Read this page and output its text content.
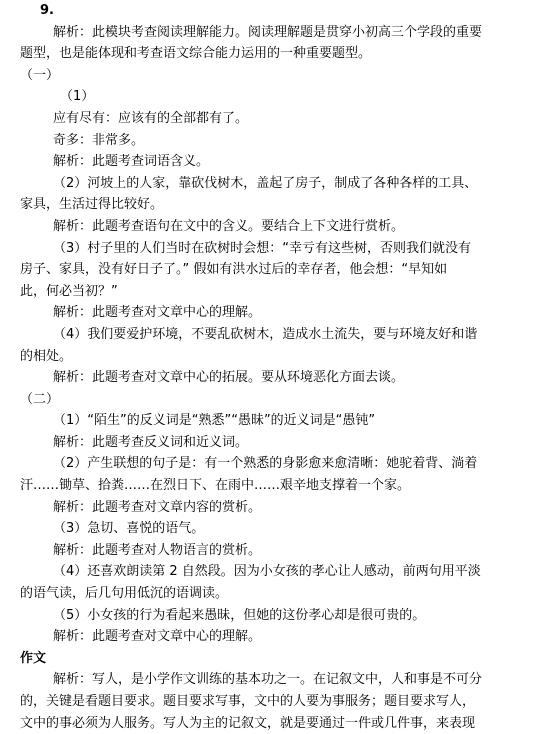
9.
解析：此模块考查阅读理解能力。阅读理解题是贯穿小初高三个学段的重要
题型，也是能体现和考查语文综合能力运用的一种重要题型。
（一）
（1）
应有尽有：应该有的全部都有了。
奇多：非常多。
解析：此题考查词语含义。
（2）河坡上的人家，靠砍伐树木，盖起了房子，制成了各种各样的工具、
家具，生活过得比较好。
解析：此题考查语句在文中的含义。要结合上下文进行赏析。
（3）村子里的人们当时在砍树时会想：“幸亏有这些树，否则我们就没有
房子、家具，没有好日子了。” 假如有洪水过后的幸存者，他会想：“早知如
此，何必当初？”
解析：此题考查对文章中心的理解。
（4）我们要爱护环境，不要乱砍树木，造成水土流失，要与环境友好和谐
的相处。
解析：此题考查对文章中心的拓展。要从环境恶化方面去谈。
（二）
（1）“陌生”的反义词是“熟悉”“愚昧”的近义词是“愚钝”
解析：此题考查反义词和近义词。
（2）产生联想的句子是：有一个熟悉的身影愈来愈清晰：她驼着背、淌着
汗……锄草、拾粪……在烈日下、在雨中……艰辛地支撑着一个家。
解析：此题考查对文章内容的赏析。
（3）急切、喜悦的语气。
解析：此题考查对人物语言的赏析。
（4）还喜欢朗读第 2 自然段。因为小女孩的孝心让人感动，前两句用平淡
的语气读，后几句用低沉的语调读。
（5）小女孩的行为看起来愚昧，但她的这份孝心却是很可贵的。
解析：此题考查对文章中心的理解。
作文
解析：写人，是小学作文训练的基本功之一。在记叙文中，人和事是不可分
的，关键是看题目要求。题目要求写事，文中的人要为事服务；题目要求写人，
文中的事必须为人服务。写人为主的记叙文，就是要通过一件或几件事，来表现
